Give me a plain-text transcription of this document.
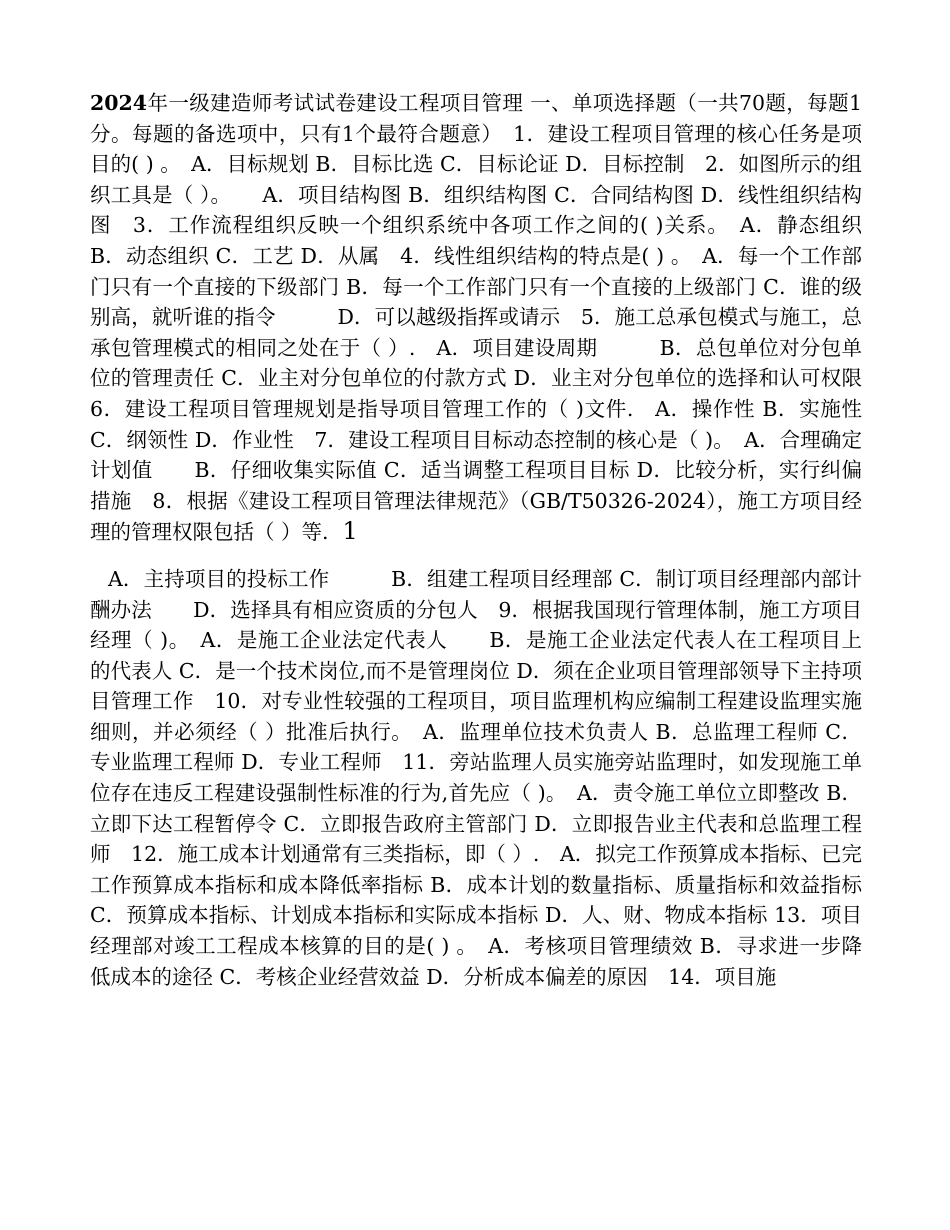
2024年一级建造师考试试卷建设工程项目管理 一、单项选择题（一共70题，每题1分。每题的备选项中，只有1个最符合题意）　1．建设工程项目管理的核心任务是项目的( ) 。　A．目标规划 B．目标比选 C．目标论证 D．目标控制　2．如图所示的组织工具是（ ）。　　A．项目结构图 B．组织结构图 C．合同结构图 D．线性组织结构图　3．工作流程组织反映一个组织系统中各项工作之间的( )关系。　A．静态组织 B．动态组织 C．工艺 D．从属　4．线性组织结构的特点是( ) 。　A．每一个工作部门只有一个直接的下级部门 B．每一个工作部门只有一个直接的上级部门 C．谁的级别高，就听谁的指令　　　D．可以越级指挥或请示　5．施工总承包模式与施工，总承包管理模式的相同之处在于（ ）.　A．项目建设周期　　　B．总包单位对分包单位的管理责任 C．业主对分包单位的付款方式 D．业主对分包单位的选择和认可权限　6．建设工程项目管理规划是指导项目管理工作的（ )文件.　A．操作性 B．实施性 C．纲领性 D．作业性　7．建设工程项目目标动态控制的核心是（ )。　A．合理确定计划值　　B．仔细收集实际值 C．适当调整工程项目目标 D．比较分析，实行纠偏措施　8．根据《建设工程项目管理法律规范》（GB/T50326-2024），施工方项目经理的管理权限包括（ ）等. 1

A．主持项目的投标工作　　　B．组建工程项目经理部 C．制订项目经理部内部计酬办法　　D．选择具有相应资质的分包人　9．根据我国现行管理体制，施工方项目经理（ )。　A．是施工企业法定代表人　　B．是施工企业法定代表人在工程项目上的代表人 C．是一个技术岗位,而不是管理岗位 D．须在企业项目管理部领导下主持项目管理工作　10．对专业性较强的工程项目，项目监理机构应编制工程建设监理实施细则，并必须经（ ）批准后执行。　A．监理单位技术负责人 B．总监理工程师 C．专业监理工程师 D．专业工程师　11．旁站监理人员实施旁站监理时，如发现施工单位存在违反工程建设强制性标准的行为,首先应（ )。　A．责令施工单位立即整改 B．立即下达工程暂停令 C．立即报告政府主管部门 D．立即报告业主代表和总监理工程师　12．施工成本计划通常有三类指标，即（ ）.　A．拟完工作预算成本指标、已完工作预算成本指标和成本降低率指标 B．成本计划的数量指标、质量指标和效益指标 C．预算成本指标、计划成本指标和实际成本指标 D．人、财、物成本指标 13．项目经理部对竣工工程成本核算的目的是( ) 。　A．考核项目管理绩效 B．寻求进一步降低成本的途径 C．考核企业经营效益 D．分析成本偏差的原因　14．项目施
